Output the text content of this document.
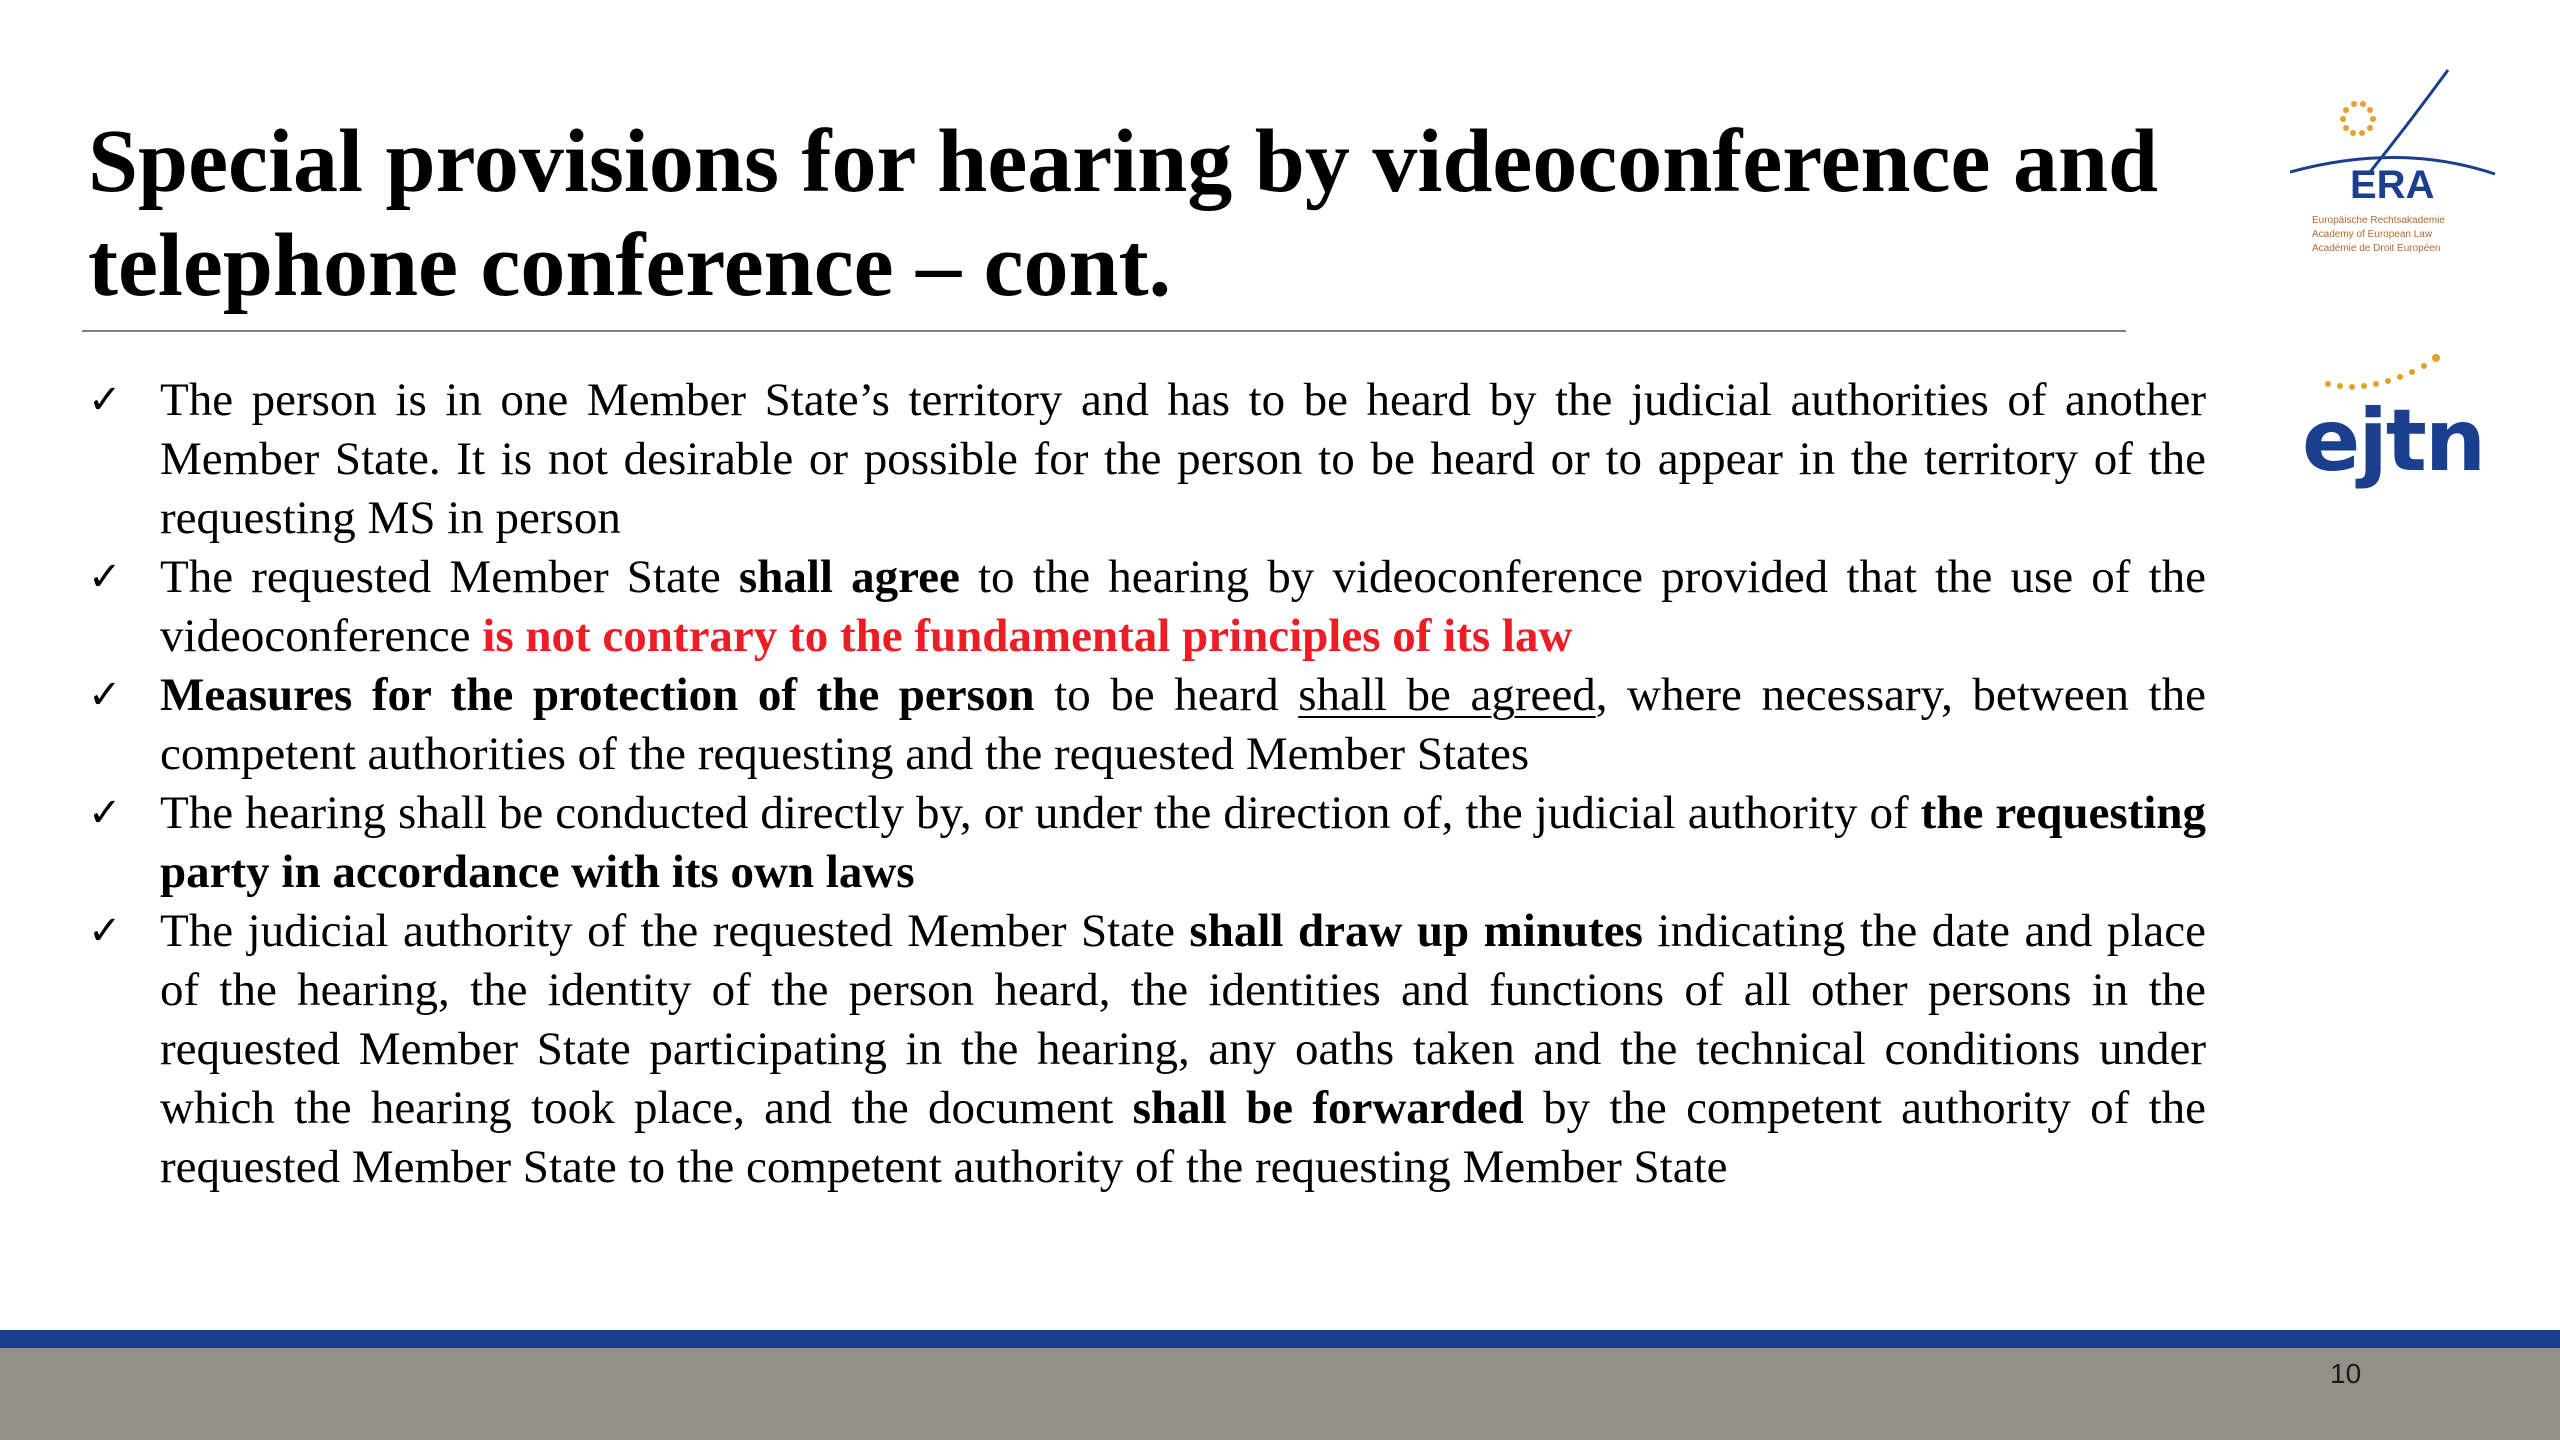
Special provisions for hearing by videoconference and
telephone conference – cont.
ERA
Europäische Rechtsakademie
Academy of European Law
Académie de Droit Européen
ejtn
✓ The person is in one Member State’s territory and has to be heard by the judicial authorities of another Member State. It is not desirable or possible for the person to be heard or to appear in the territory of the requesting MS in person
✓ The requested Member State shall agree to the hearing by videoconference provided that the use of the videoconference is not contrary to the fundamental principles of its law
✓ Measures for the protection of the person to be heard shall be agreed, where necessary, between the competent authorities of the requesting and the requested Member States
✓ The hearing shall be conducted directly by, or under the direction of, the judicial authority of the requesting party in accordance with its own laws
✓ The judicial authority of the requested Member State shall draw up minutes indicating the date and place of the hearing, the identity of the person heard, the identities and functions of all other persons in the requested Member State participating in the hearing, any oaths taken and the technical conditions under which the hearing took place, and the document shall be forwarded by the competent authority of the requested Member State to the competent authority of the requesting Member State
10
